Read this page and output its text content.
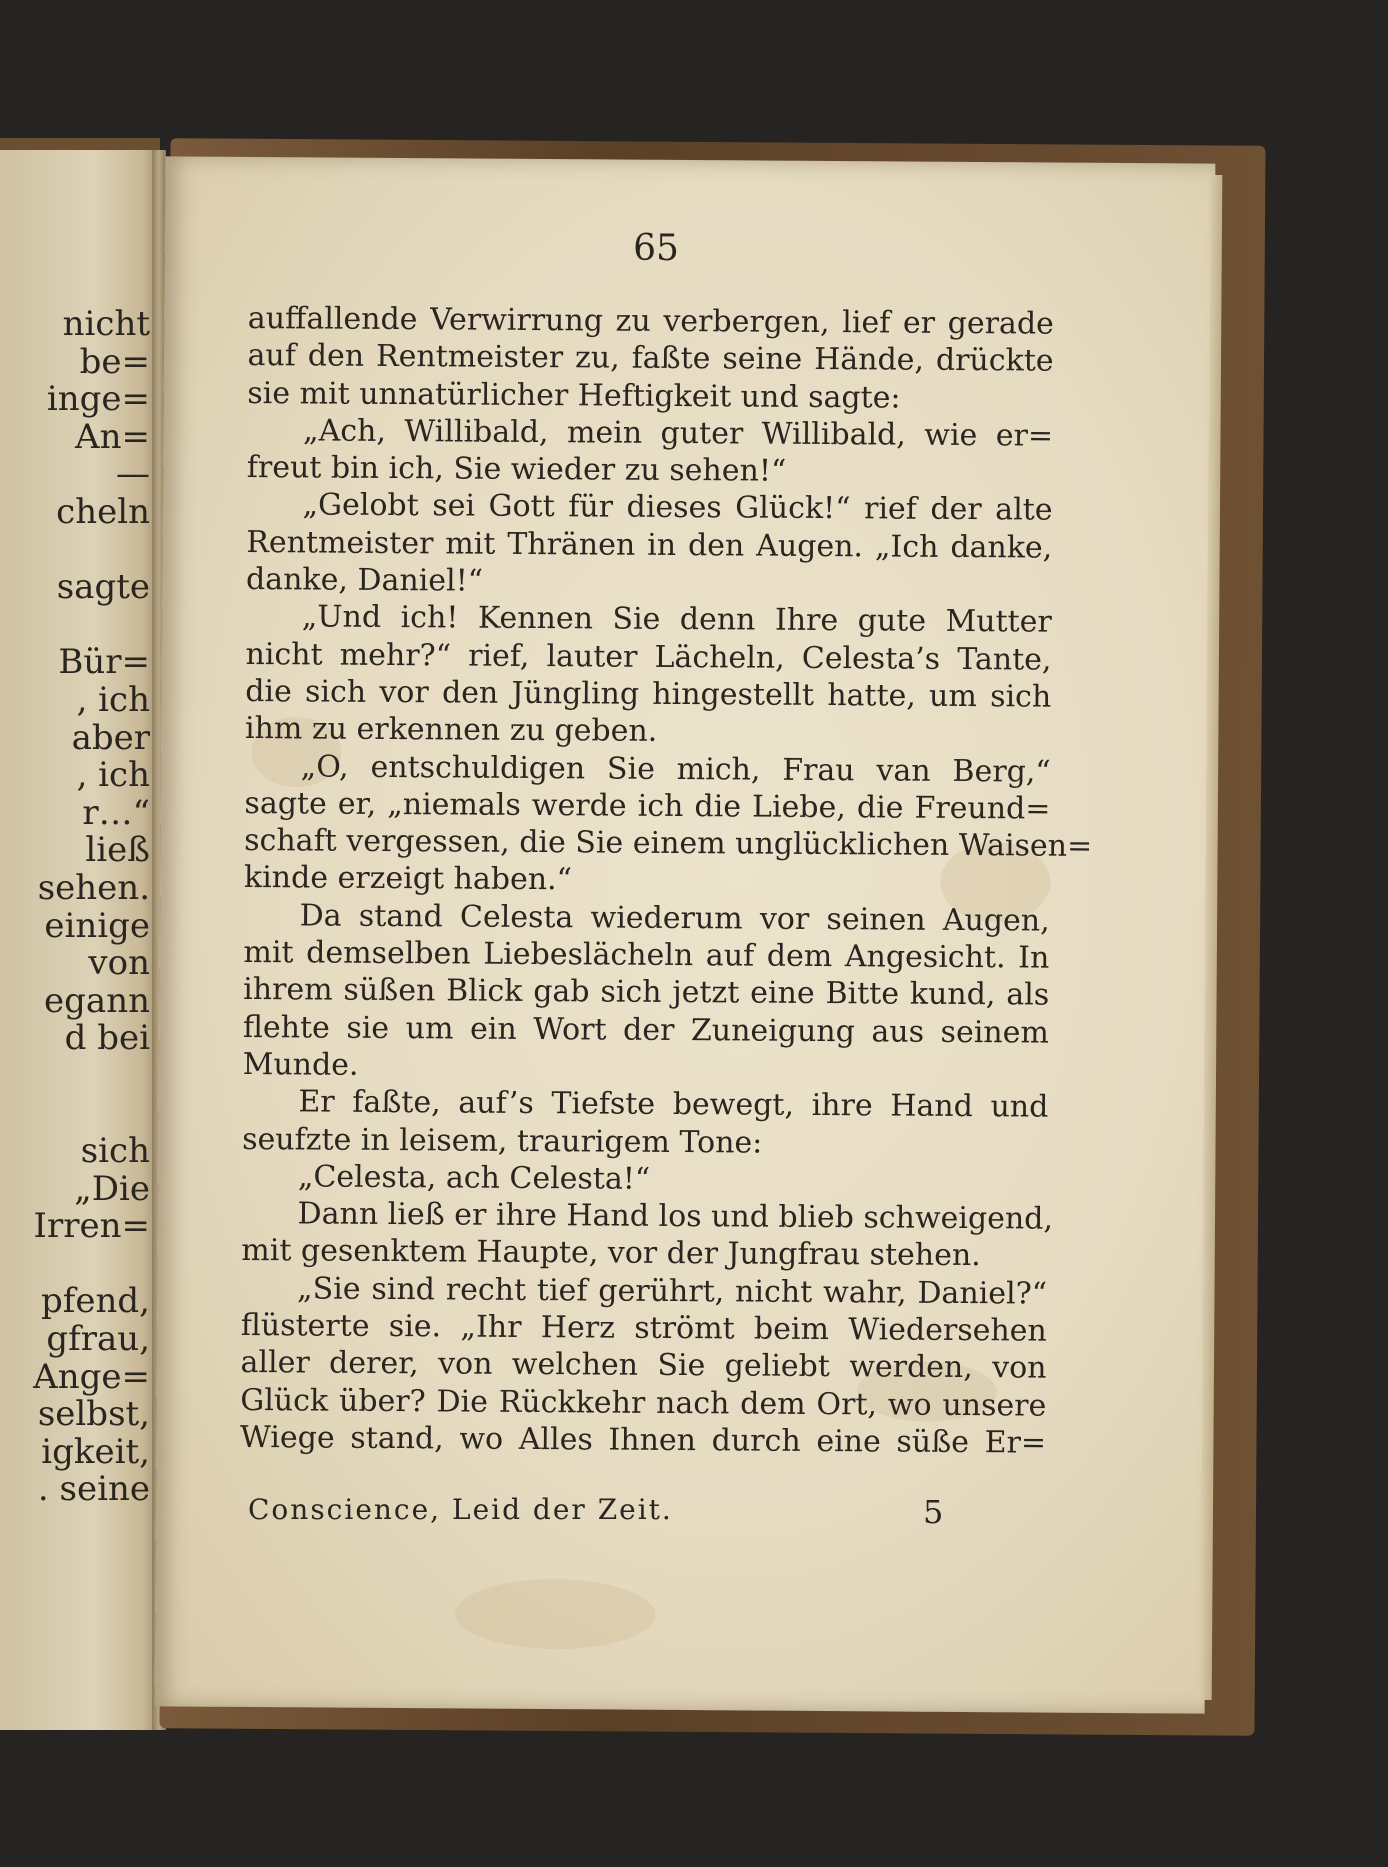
nicht
be=
inge=
An=
—
cheln
sagte
Bür=
, ich
aber
, ich
r…“
ließ
sehen.
einige
von
egann
d bei
sich
„Die
Irren=
pfend,
gfrau,
Ange=
selbst,
igkeit,
. seine
65
auffallende Verwirrung zu verbergen, lief er gerade
auf den Rentmeister zu, faßte seine Hände, drückte
sie mit unnatürlicher Heftigkeit und sagte:
„Ach, Willibald, mein guter Willibald, wie er=
freut bin ich, Sie wieder zu sehen!“
„Gelobt sei Gott für dieses Glück!“ rief der alte
Rentmeister mit Thränen in den Augen. „Ich danke,
danke, Daniel!“
„Und ich! Kennen Sie denn Ihre gute Mutter
nicht mehr?“ rief, lauter Lächeln, Celesta’s Tante,
die sich vor den Jüngling hingestellt hatte, um sich
ihm zu erkennen zu geben.
„O, entschuldigen Sie mich, Frau van Berg,“
sagte er, „niemals werde ich die Liebe, die Freund=
schaft vergessen, die Sie einem unglücklichen Waisen=
kinde erzeigt haben.“
Da stand Celesta wiederum vor seinen Augen,
mit demselben Liebeslächeln auf dem Angesicht. In
ihrem süßen Blick gab sich jetzt eine Bitte kund, als
flehte sie um ein Wort der Zuneigung aus seinem
Munde.
Er faßte, auf’s Tiefste bewegt, ihre Hand und
seufzte in leisem, traurigem Tone:
„Celesta, ach Celesta!“
Dann ließ er ihre Hand los und blieb schweigend,
mit gesenktem Haupte, vor der Jungfrau stehen.
„Sie sind recht tief gerührt, nicht wahr, Daniel?“
flüsterte sie. „Ihr Herz strömt beim Wiedersehen
aller derer, von welchen Sie geliebt werden, von
Glück über? Die Rückkehr nach dem Ort, wo unsere
Wiege stand, wo Alles Ihnen durch eine süße Er=
Conscience, Leid der Zeit.	5
